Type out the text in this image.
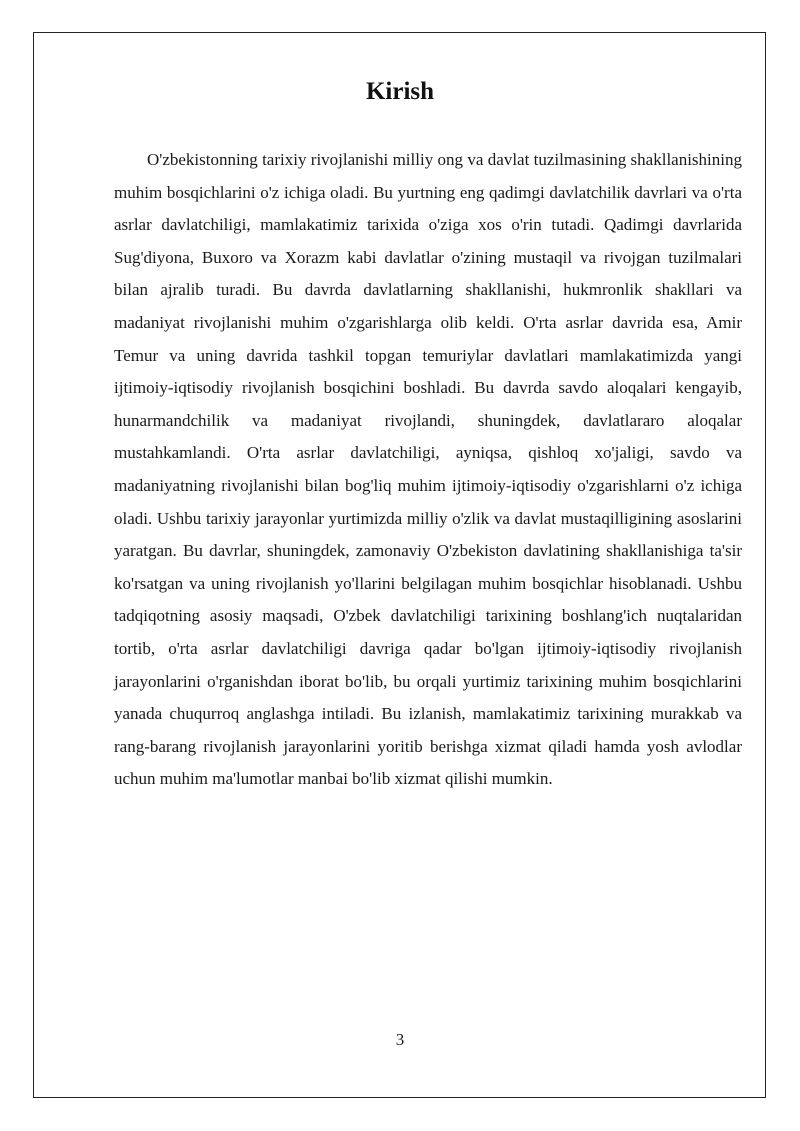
Kirish

O'zbekistonning tarixiy rivojlanishi milliy ong va davlat tuzilmasining shakllanishining muhim bosqichlarini o'z ichiga oladi. Bu yurtning eng qadimgi davlatchilik davrlari va o'rta asrlar davlatchiligi, mamlakatimiz tarixida o'ziga xos o'rin tutadi. Qadimgi davrlarida Sug'diyona, Buxoro va Xorazm kabi davlatlar o'zining mustaqil va rivojgan tuzilmalari bilan ajralib turadi. Bu davrda davlatlarning shakllanishi, hukmronlik shakllari va madaniyat rivojlanishi muhim o'zgarishlarga olib keldi. O'rta asrlar davrida esa, Amir Temur va uning davrida tashkil topgan temuriylar davlatlari mamlakatimizda yangi ijtimoiy-iqtisodiy rivojlanish bosqichini boshladi. Bu davrda savdo aloqalari kengayib, hunarmandchilik va madaniyat rivojlandi, shuningdek, davlatlararo aloqalar mustahkamlandi. O'rta asrlar davlatchiligi, ayniqsa, qishloq xo'jaligi, savdo va madaniyatning rivojlanishi bilan bog'liq muhim ijtimoiy-iqtisodiy o'zgarishlarni o'z ichiga oladi. Ushbu tarixiy jarayonlar yurtimizda milliy o'zlik va davlat mustaqilligining asoslarini yaratgan. Bu davrlar, shuningdek, zamonaviy O'zbekiston davlatining shakllanishiga ta'sir ko'rsatgan va uning rivojlanish yo'llarini belgilagan muhim bosqichlar hisoblanadi. Ushbu tadqiqotning asosiy maqsadi, O'zbek davlatchiligi tarixining boshlang'ich nuqtalaridan tortib, o'rta asrlar davlatchiligi davriga qadar bo'lgan ijtimoiy-iqtisodiy rivojlanish jarayonlarini o'rganishdan iborat bo'lib, bu orqali yurtimiz tarixining muhim bosqichlarini yanada chuqurroq anglashga intiladi. Bu izlanish, mamlakatimiz tarixining murakkab va rang-barang rivojlanish jarayonlarini yoritib berishga xizmat qiladi hamda yosh avlodlar uchun muhim ma'lumotlar manbai bo'lib xizmat qilishi mumkin.

3
